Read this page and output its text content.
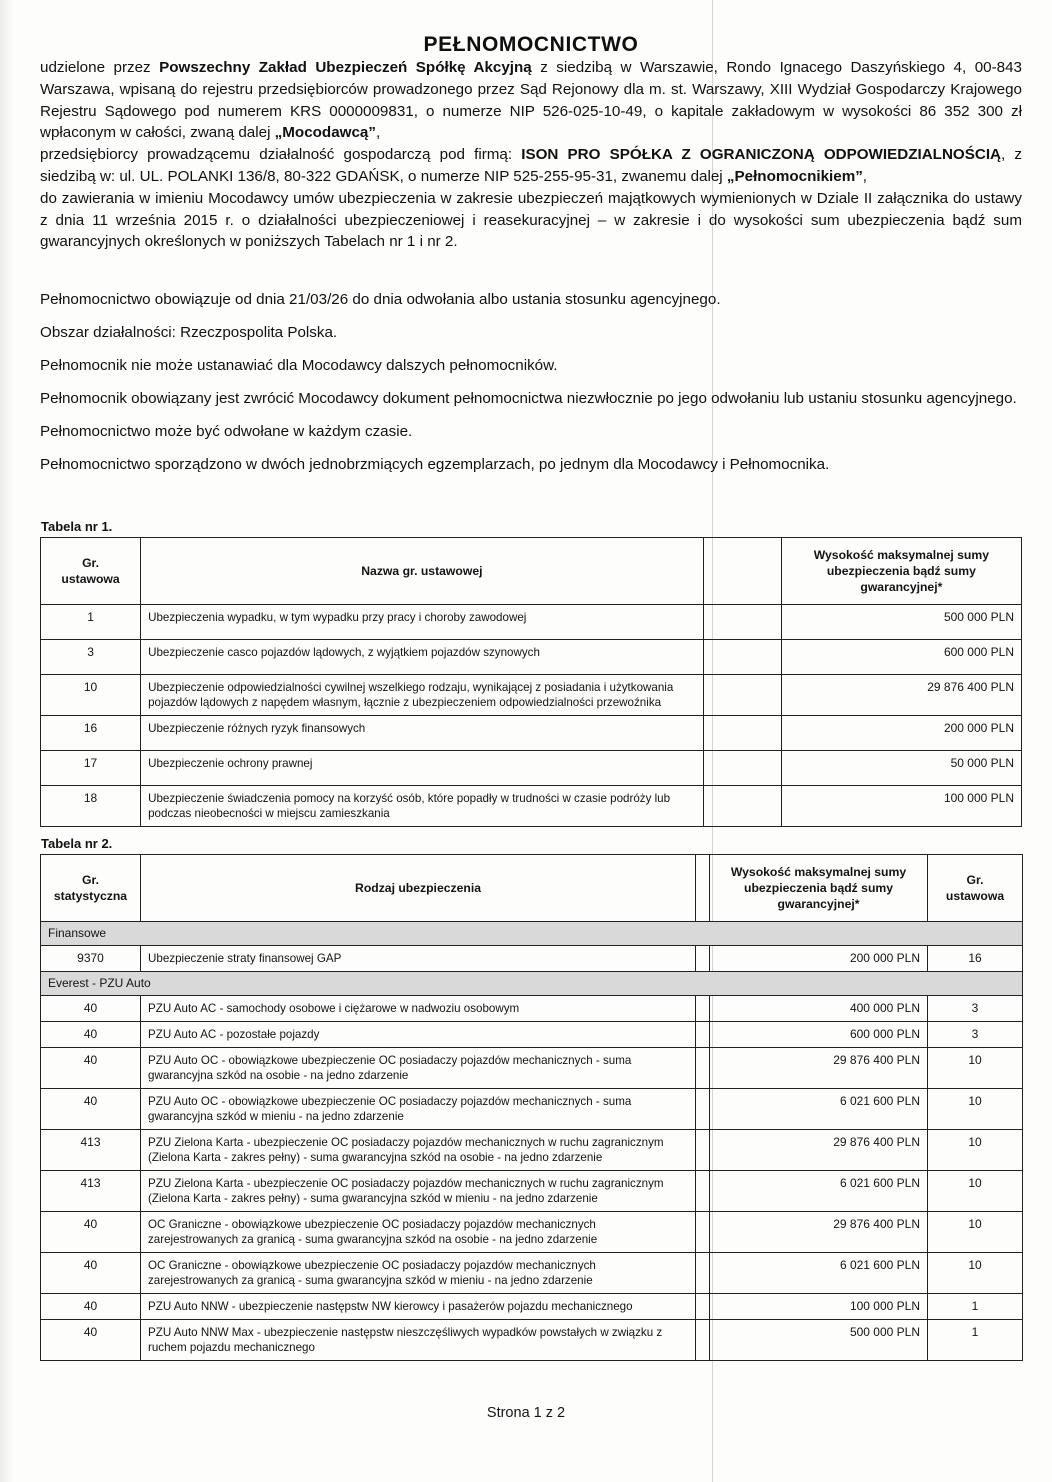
PEŁNOMOCNICTWO

udzielone przez Powszechny Zakład Ubezpieczeń Spółkę Akcyjną z siedzibą w Warszawie, Rondo Ignacego Daszyńskiego 4, 00-843 Warszawa, wpisaną do rejestru przedsiębiorców prowadzonego przez Sąd Rejonowy dla m. st. Warszawy, XIII Wydział Gospodarczy Krajowego Rejestru Sądowego pod numerem KRS 0000009831, o numerze NIP 526-025-10-49, o kapitale zakładowym w wysokości 86 352 300 zł wpłaconym w całości, zwaną dalej „Mocodawcą”,

przedsiębiorcy prowadzącemu działalność gospodarczą pod firmą: ISON PRO SPÓŁKA Z OGRANICZONĄ ODPOWIEDZIALNOŚCIĄ, z siedzibą w: ul. UL. POLANKI 136/8, 80-322 GDAŃSK, o numerze NIP 525-255-95-31, zwanemu dalej „Pełnomocnikiem”,

do zawierania w imieniu Mocodawcy umów ubezpieczenia w zakresie ubezpieczeń majątkowych wymienionych w Dziale II załącznika do ustawy z dnia 11 września 2015 r. o działalności ubezpieczeniowej i reasekuracyjnej – w zakresie i do wysokości sum ubezpieczenia bądź sum gwarancyjnych określonych w poniższych Tabelach nr 1 i nr 2.

Pełnomocnictwo obowiązuje od dnia 21/03/26 do dnia odwołania albo ustania stosunku agencyjnego.

Obszar działalności: Rzeczpospolita Polska.

Pełnomocnik nie może ustanawiać dla Mocodawcy dalszych pełnomocników.

Pełnomocnik obowiązany jest zwrócić Mocodawcy dokument pełnomocnictwa niezwłocznie po jego odwołaniu lub ustaniu stosunku agencyjnego.

Pełnomocnictwo może być odwołane w każdym czasie.

Pełnomocnictwo sporządzono w dwóch jednobrzmiących egzemplarzach, po jednym dla Mocodawcy i Pełnomocnika.

Tabela nr 1.
Gr.
ustawowa	Nazwa gr. ustawowej		Wysokość maksymalnej sumy
ubezpieczenia bądź sumy
gwarancyjnej*
1	Ubezpieczenia wypadku, w tym wypadku przy pracy i choroby zawodowej		500 000 PLN
3	Ubezpieczenie casco pojazdów lądowych, z wyjątkiem pojazdów szynowych		600 000 PLN
10	Ubezpieczenie odpowiedzialności cywilnej wszelkiego rodzaju, wynikającej z posiadania i użytkowania pojazdów lądowych z napędem własnym, łącznie z ubezpieczeniem odpowiedzialności przewoźnika		29 876 400 PLN
16	Ubezpieczenie różnych ryzyk finansowych		200 000 PLN
17	Ubezpieczenie ochrony prawnej		50 000 PLN
18	Ubezpieczenie świadczenia pomocy na korzyść osób, które popadły w trudności w czasie podróży lub podczas nieobecności w miejscu zamieszkania		100 000 PLN
Tabela nr 2.
Gr.
statystyczna	Rodzaj ubezpieczenia		Wysokość maksymalnej sumy
ubezpieczenia bądź sumy
gwarancyjnej*	Gr.
ustawowa
Finansowe				
9370	Ubezpieczenie straty finansowej GAP		200 000 PLN	16
Everest - PZU Auto				
40	PZU Auto AC - samochody osobowe i ciężarowe w nadwoziu osobowym		400 000 PLN	3
40	PZU Auto AC - pozostałe pojazdy		600 000 PLN	3
40	PZU Auto OC - obowiązkowe ubezpieczenie OC posiadaczy pojazdów mechanicznych - suma gwarancyjna szkód na osobie - na jedno zdarzenie		29 876 400 PLN	10
40	PZU Auto OC - obowiązkowe ubezpieczenie OC posiadaczy pojazdów mechanicznych - suma gwarancyjna szkód w mieniu - na jedno zdarzenie		6 021 600 PLN	10
413	PZU Zielona Karta - ubezpieczenie OC posiadaczy pojazdów mechanicznych w ruchu zagranicznym (Zielona Karta - zakres pełny) - suma gwarancyjna szkód na osobie - na jedno zdarzenie		29 876 400 PLN	10
413	PZU Zielona Karta - ubezpieczenie OC posiadaczy pojazdów mechanicznych w ruchu zagranicznym (Zielona Karta - zakres pełny) - suma gwarancyjna szkód w mieniu - na jedno zdarzenie		6 021 600 PLN	10
40	OC Graniczne - obowiązkowe ubezpieczenie OC posiadaczy pojazdów mechanicznych zarejestrowanych za granicą - suma gwarancyjna szkód na osobie - na jedno zdarzenie		29 876 400 PLN	10
40	OC Graniczne - obowiązkowe ubezpieczenie OC posiadaczy pojazdów mechanicznych zarejestrowanych za granicą - suma gwarancyjna szkód w mieniu - na jedno zdarzenie		6 021 600 PLN	10
40	PZU Auto NNW - ubezpieczenie następstw NW kierowcy i pasażerów pojazdu mechanicznego		100 000 PLN	1
40	PZU Auto NNW Max - ubezpieczenie następstw nieszczęśliwych wypadków powstałych w związku z ruchem pojazdu mechanicznego		500 000 PLN	1
Strona 1 z 2
